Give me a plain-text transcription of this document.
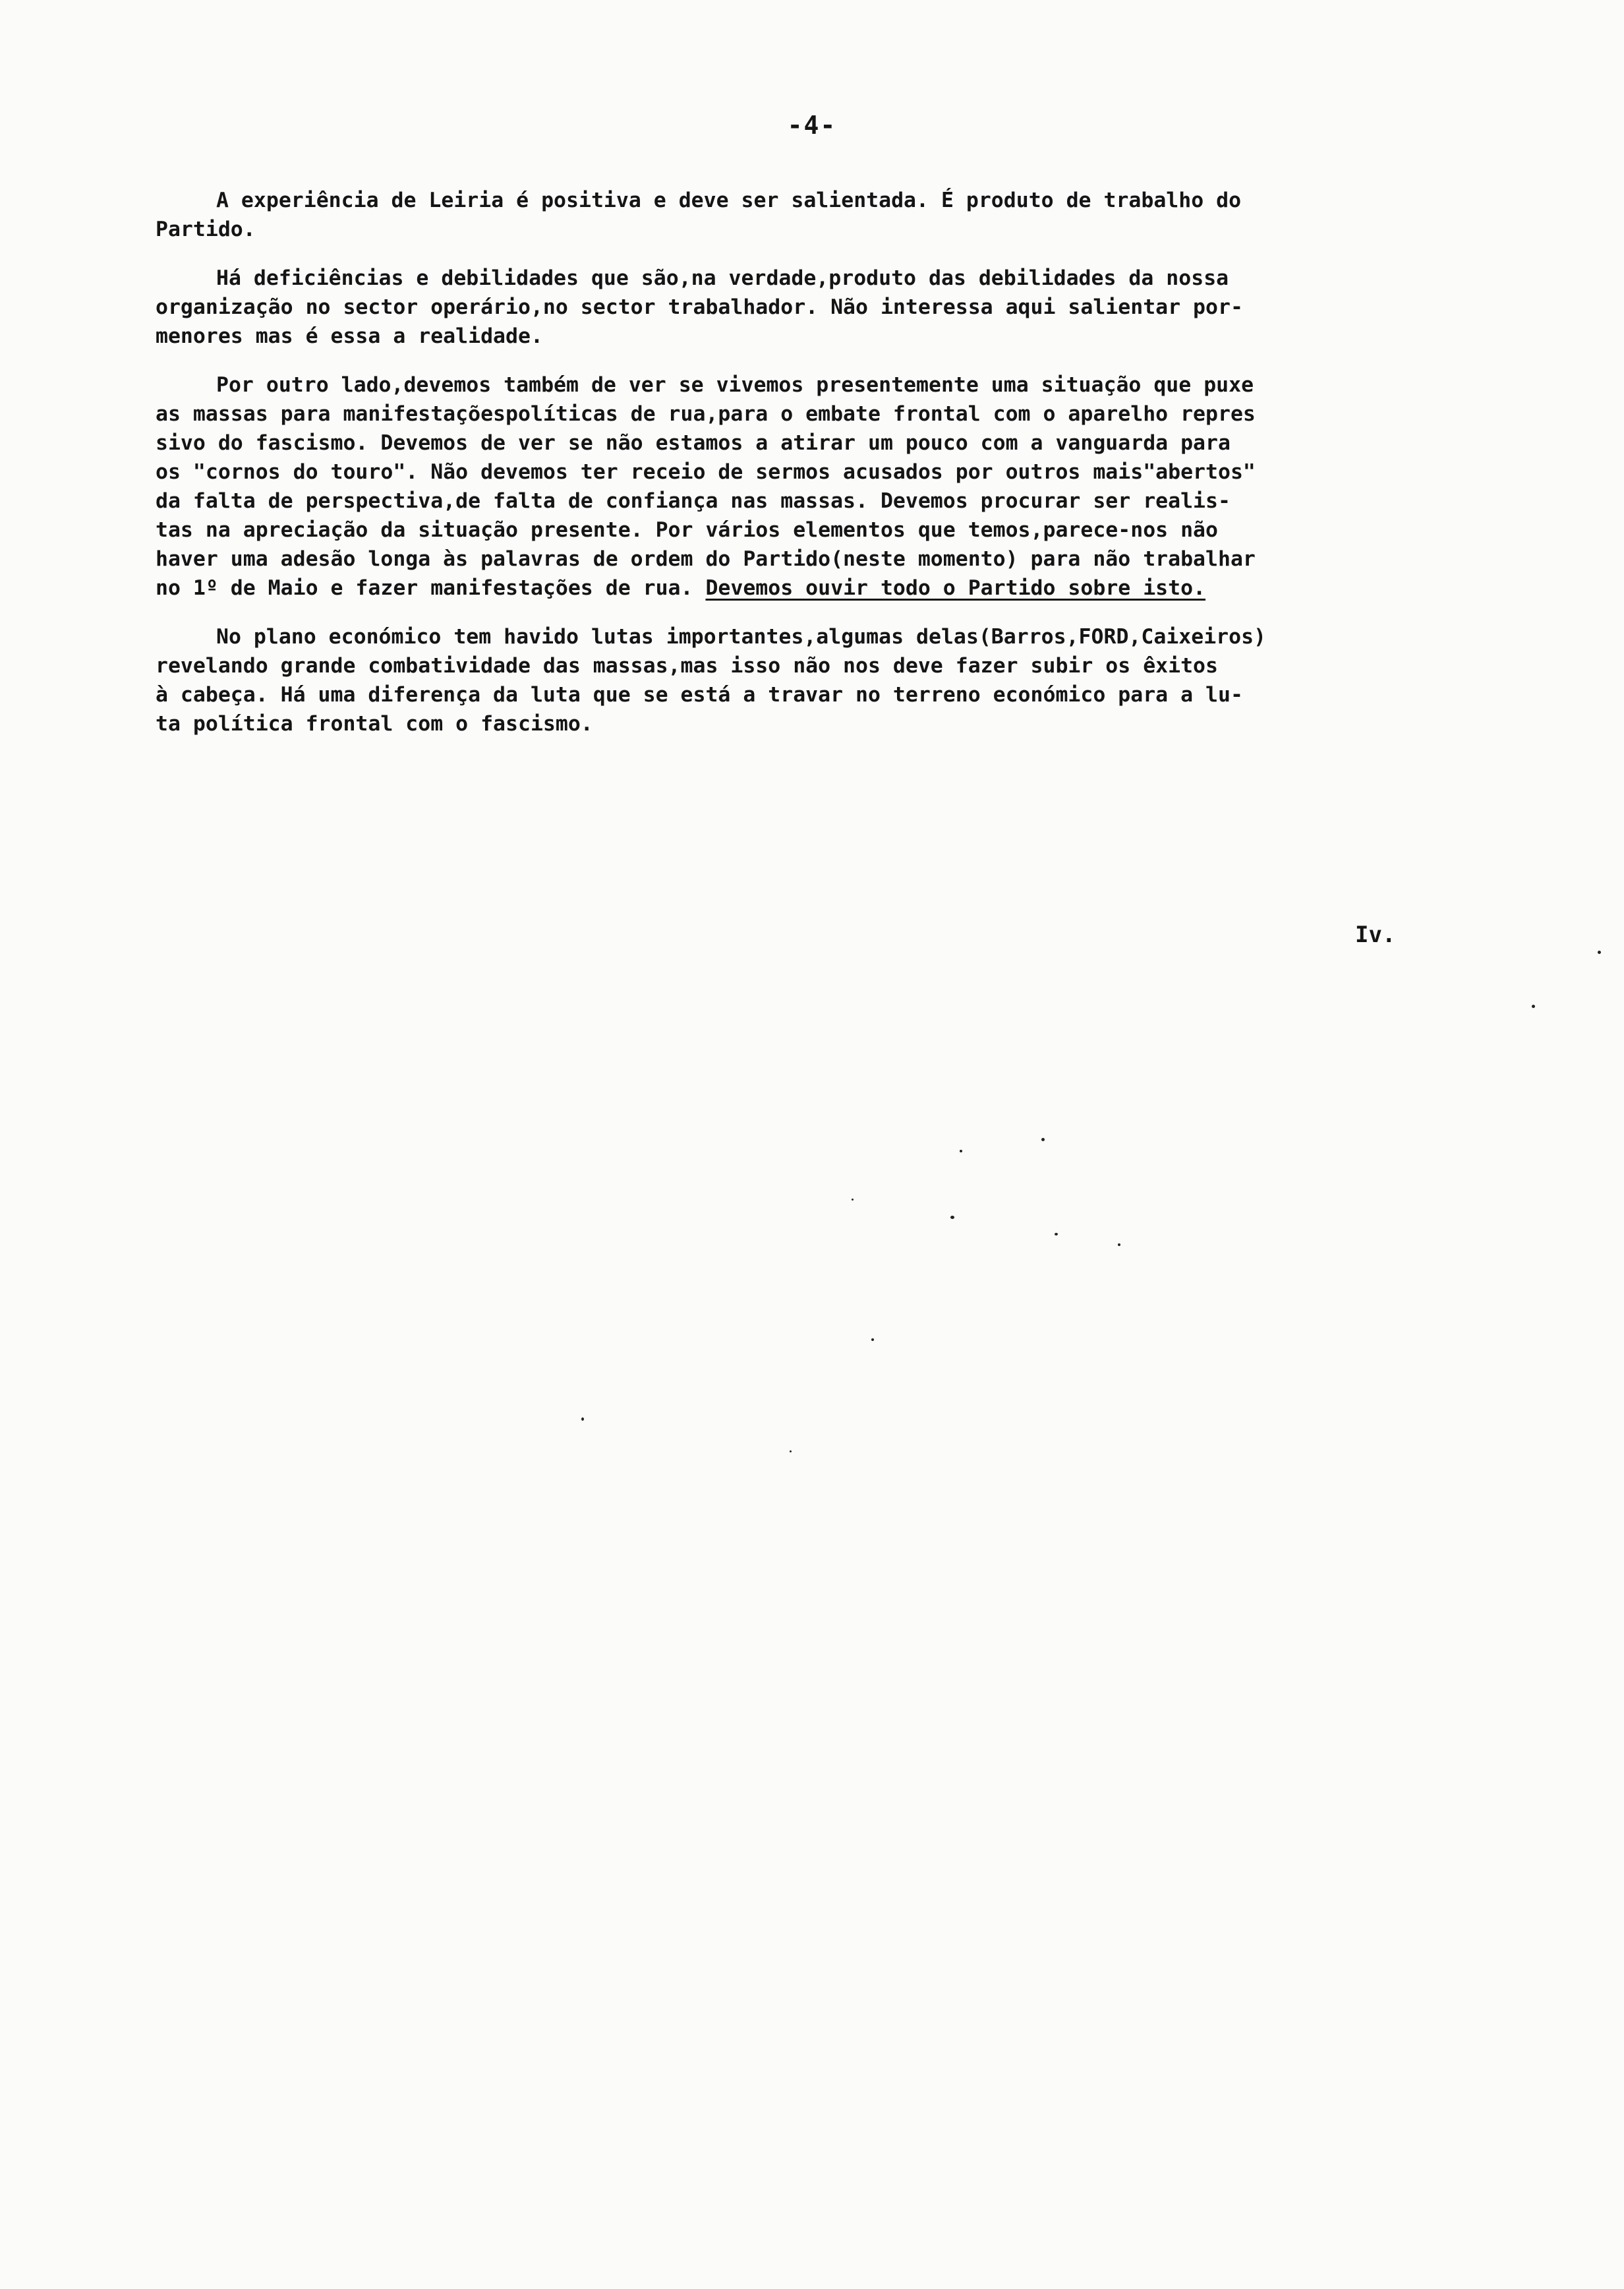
-4-

A experiência de Leiria é positiva e deve ser salientada. É produto de trabalho do
Partido.

Há deficiências e debilidades que são,na verdade,produto das debilidades da nossa
organização no sector operário,no sector trabalhador. Não interessa aqui salientar por-
menores mas é essa a realidade.

Por outro lado,devemos também de ver se vivemos presentemente uma situação que puxe
as massas para manifestaçõespolíticas de rua,para o embate frontal com o aparelho repres
sivo do fascismo. Devemos de ver se não estamos a atirar um pouco com a vanguarda para
os "cornos do touro". Não devemos ter receio de sermos acusados por outros mais"abertos"
da falta de perspectiva,de falta de confiança nas massas. Devemos procurar ser realis-
tas na apreciação da situação presente. Por vários elementos que temos,parece-nos não
haver uma adesão longa às palavras de ordem do Partido(neste momento) para não trabalhar
no 1º de Maio e fazer manifestações de rua. Devemos ouvir todo o Partido sobre isto.

No plano económico tem havido lutas importantes,algumas delas(Barros,FORD,Caixeiros)
revelando grande combatividade das massas,mas isso não nos deve fazer subir os êxitos
à cabeça. Há uma diferença da luta que se está a travar no terreno económico para a lu-
ta política frontal com o fascismo.

Iv.
